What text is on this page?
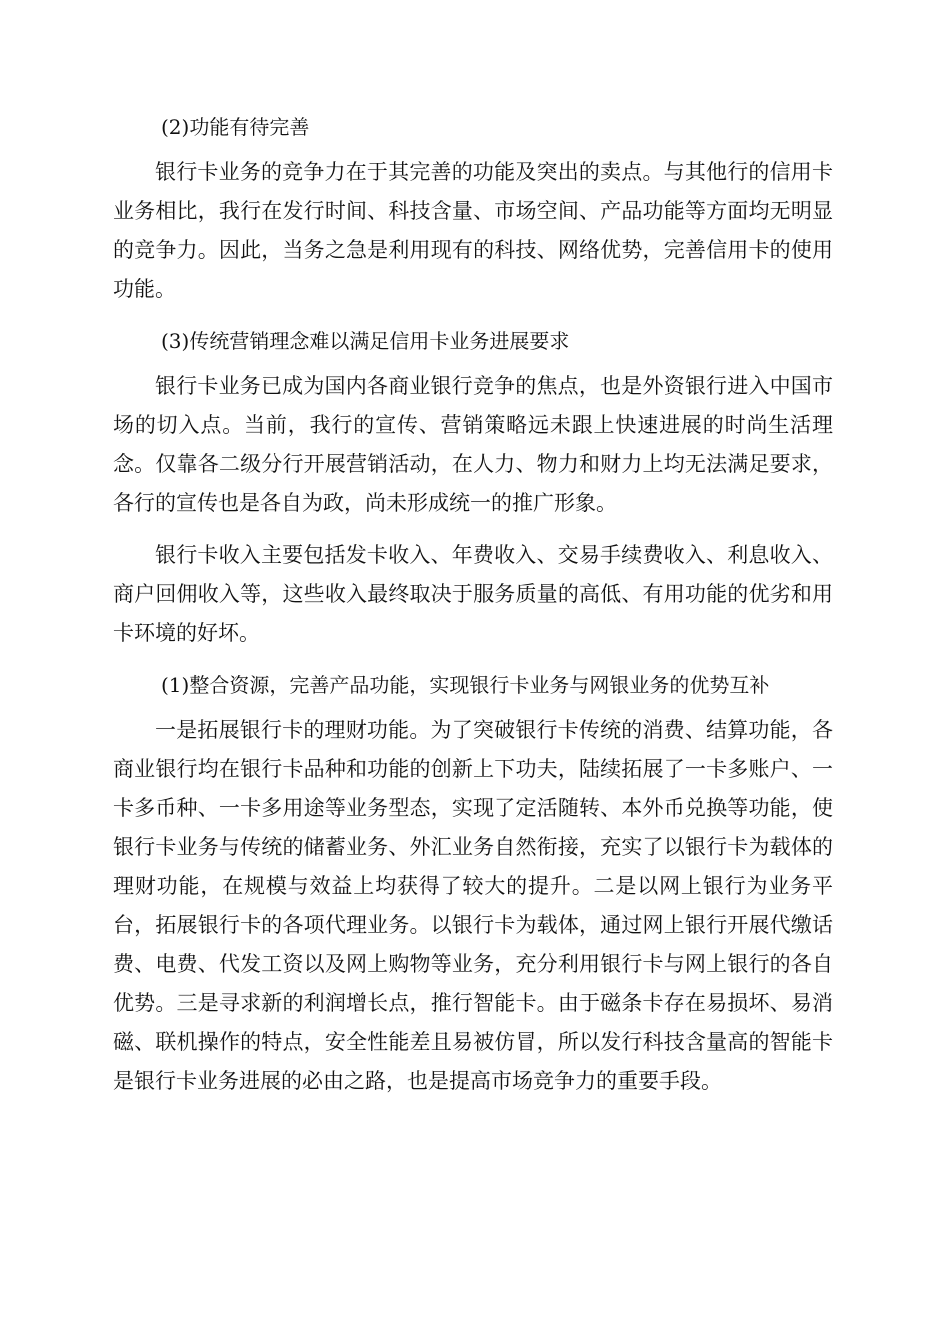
(2)功能有待完善

银行卡业务的竞争力在于其完善的功能及突出的卖点。与其他行的信用卡业务相比，我行在发行时间、科技含量、市场空间、产品功能等方面均无明显的竞争力。因此，当务之急是利用现有的科技、网络优势，完善信用卡的使用功能。

(3)传统营销理念难以满足信用卡业务进展要求

银行卡业务已成为国内各商业银行竞争的焦点，也是外资银行进入中国市场的切入点。当前，我行的宣传、营销策略远未跟上快速进展的时尚生活理念。仅靠各二级分行开展营销活动，在人力、物力和财力上均无法满足要求，各行的宣传也是各自为政，尚未形成统一的推广形象。

银行卡收入主要包括发卡收入、年费收入、交易手续费收入、利息收入、商户回佣收入等，这些收入最终取决于服务质量的高低、有用功能的优劣和用卡环境的好坏。

(1)整合资源，完善产品功能，实现银行卡业务与网银业务的优势互补

一是拓展银行卡的理财功能。为了突破银行卡传统的消费、结算功能，各商业银行均在银行卡品种和功能的创新上下功夫，陆续拓展了一卡多账户、一卡多币种、一卡多用途等业务型态，实现了定活随转、本外币兑换等功能，使银行卡业务与传统的储蓄业务、外汇业务自然衔接，充实了以银行卡为载体的理财功能，在规模与效益上均获得了较大的提升。二是以网上银行为业务平台，拓展银行卡的各项代理业务。以银行卡为载体，通过网上银行开展代缴话费、电费、代发工资以及网上购物等业务，充分利用银行卡与网上银行的各自优势。三是寻求新的利润增长点，推行智能卡。由于磁条卡存在易损坏、易消磁、联机操作的特点，安全性能差且易被仿冒，所以发行科技含量高的智能卡是银行卡业务进展的必由之路，也是提高市场竞争力的重要手段。
